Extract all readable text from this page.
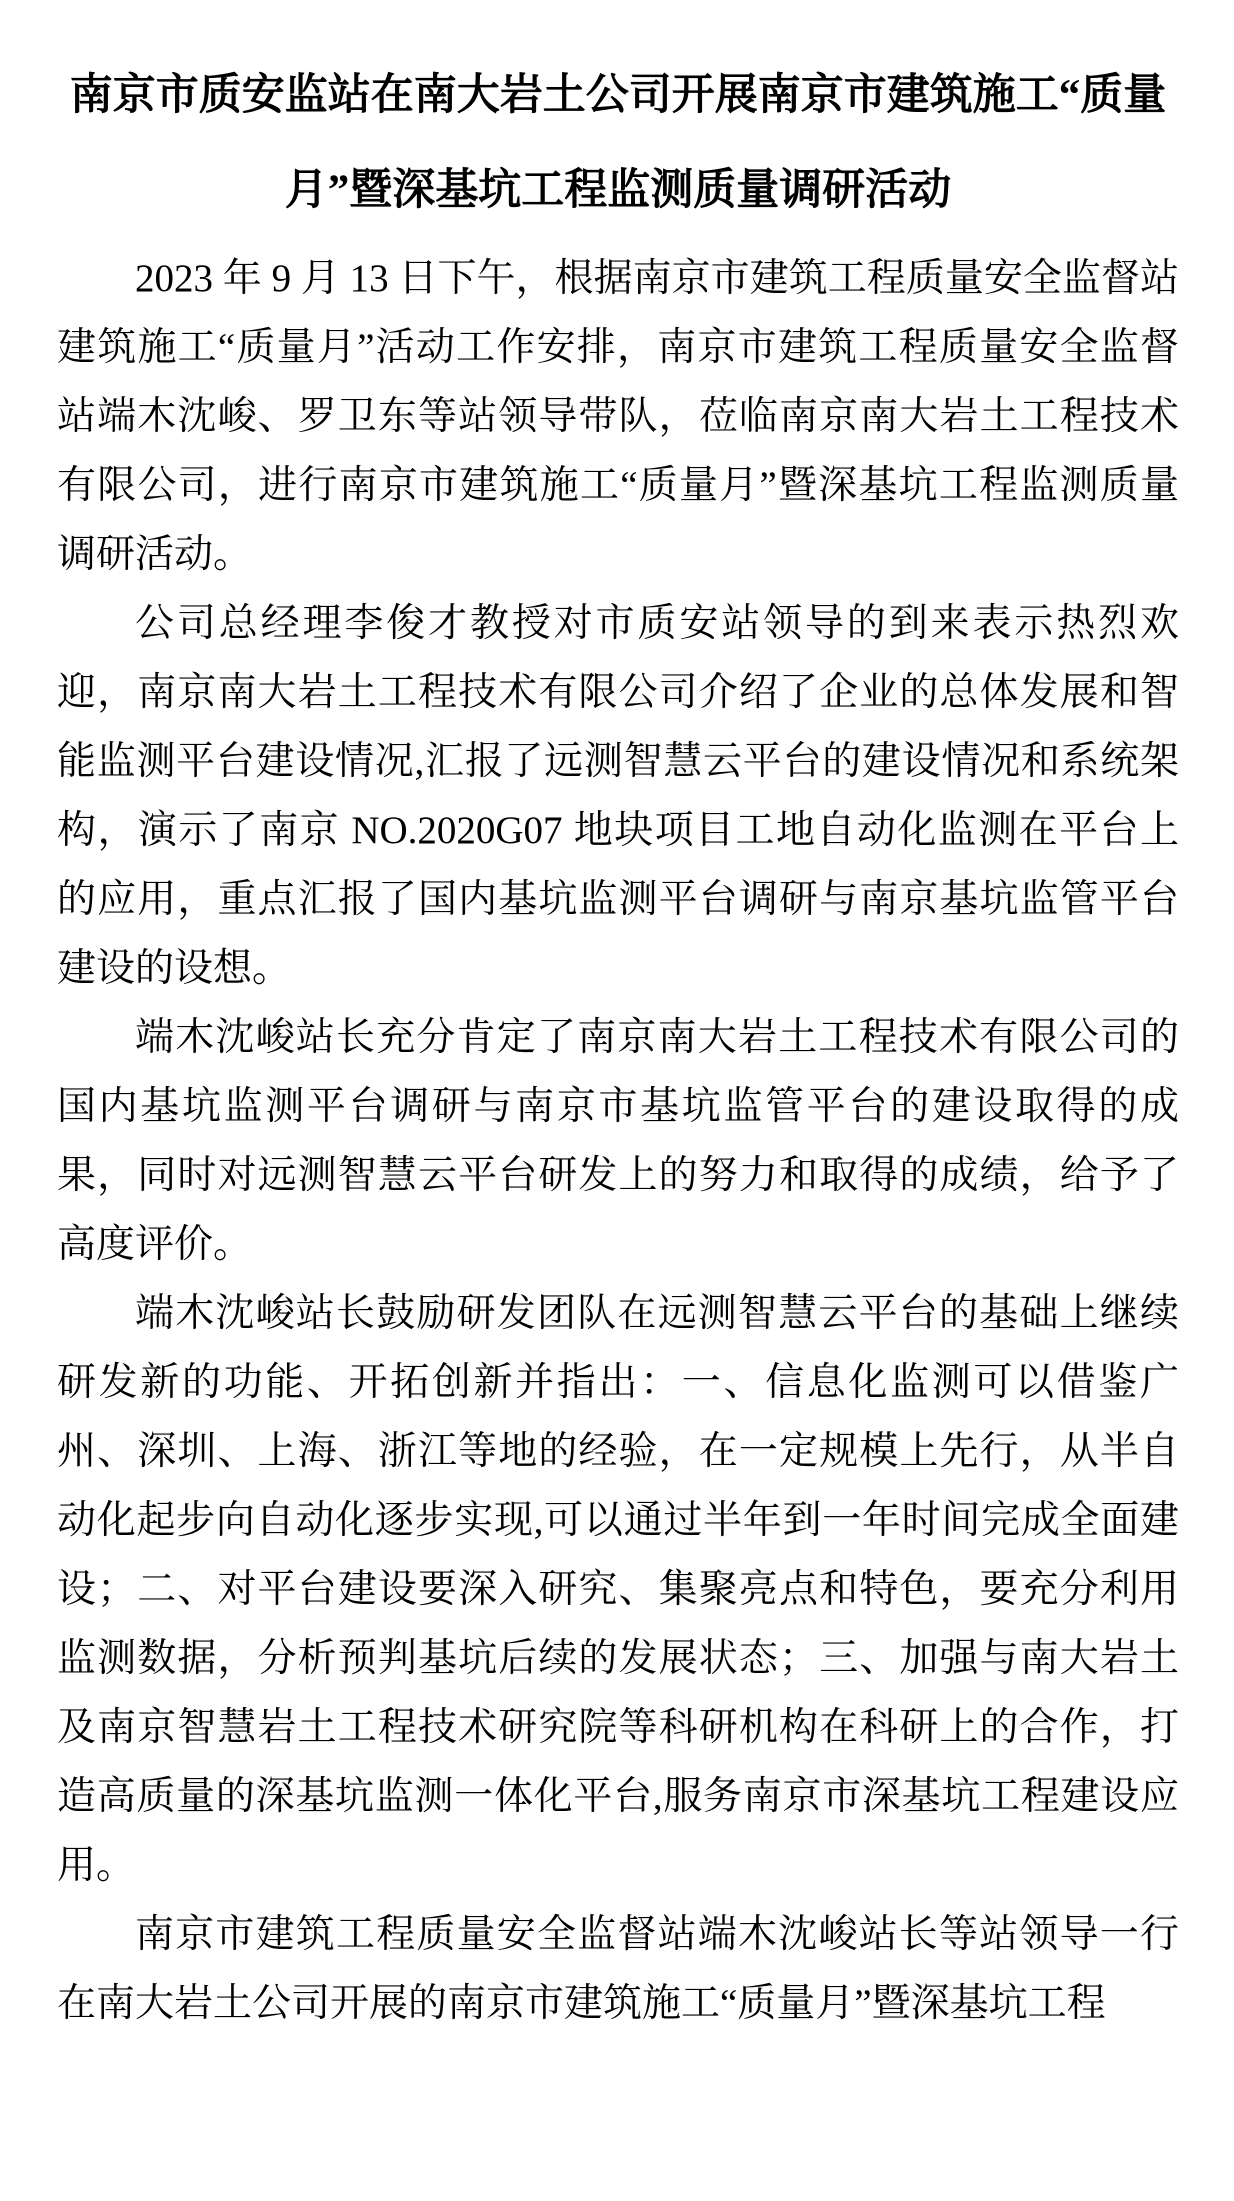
南京市质安监站在南大岩土公司开展南京市建筑施工“质量月”暨深基坑工程监测质量调研活动

2023 年 9 月 13 日下午，根据南京市建筑工程质量安全监督站建筑施工“质量月”活动工作安排，南京市建筑工程质量安全监督站端木沈峻、罗卫东等站领导带队，莅临南京南大岩土工程技术有限公司，进行南京市建筑施工“质量月”暨深基坑工程监测质量调研活动。

公司总经理李俊才教授对市质安站领导的到来表示热烈欢迎，南京南大岩土工程技术有限公司介绍了企业的总体发展和智能监测平台建设情况,汇报了远测智慧云平台的建设情况和系统架构，演示了南京 NO.2020G07 地块项目工地自动化监测在平台上的应用，重点汇报了国内基坑监测平台调研与南京基坑监管平台建设的设想。

端木沈峻站长充分肯定了南京南大岩土工程技术有限公司的国内基坑监测平台调研与南京市基坑监管平台的建设取得的成果，同时对远测智慧云平台研发上的努力和取得的成绩，给予了高度评价。

端木沈峻站长鼓励研发团队在远测智慧云平台的基础上继续研发新的功能、开拓创新并指出：一、信息化监测可以借鉴广州、深圳、上海、浙江等地的经验，在一定规模上先行，从半自动化起步向自动化逐步实现,可以通过半年到一年时间完成全面建设；二、对平台建设要深入研究、集聚亮点和特色，要充分利用监测数据，分析预判基坑后续的发展状态；三、加强与南大岩土及南京智慧岩土工程技术研究院等科研机构在科研上的合作，打造高质量的深基坑监测一体化平台,服务南京市深基坑工程建设应用。

南京市建筑工程质量安全监督站端木沈峻站长等站领导一行在南大岩土公司开展的南京市建筑施工“质量月”暨深基坑工程
